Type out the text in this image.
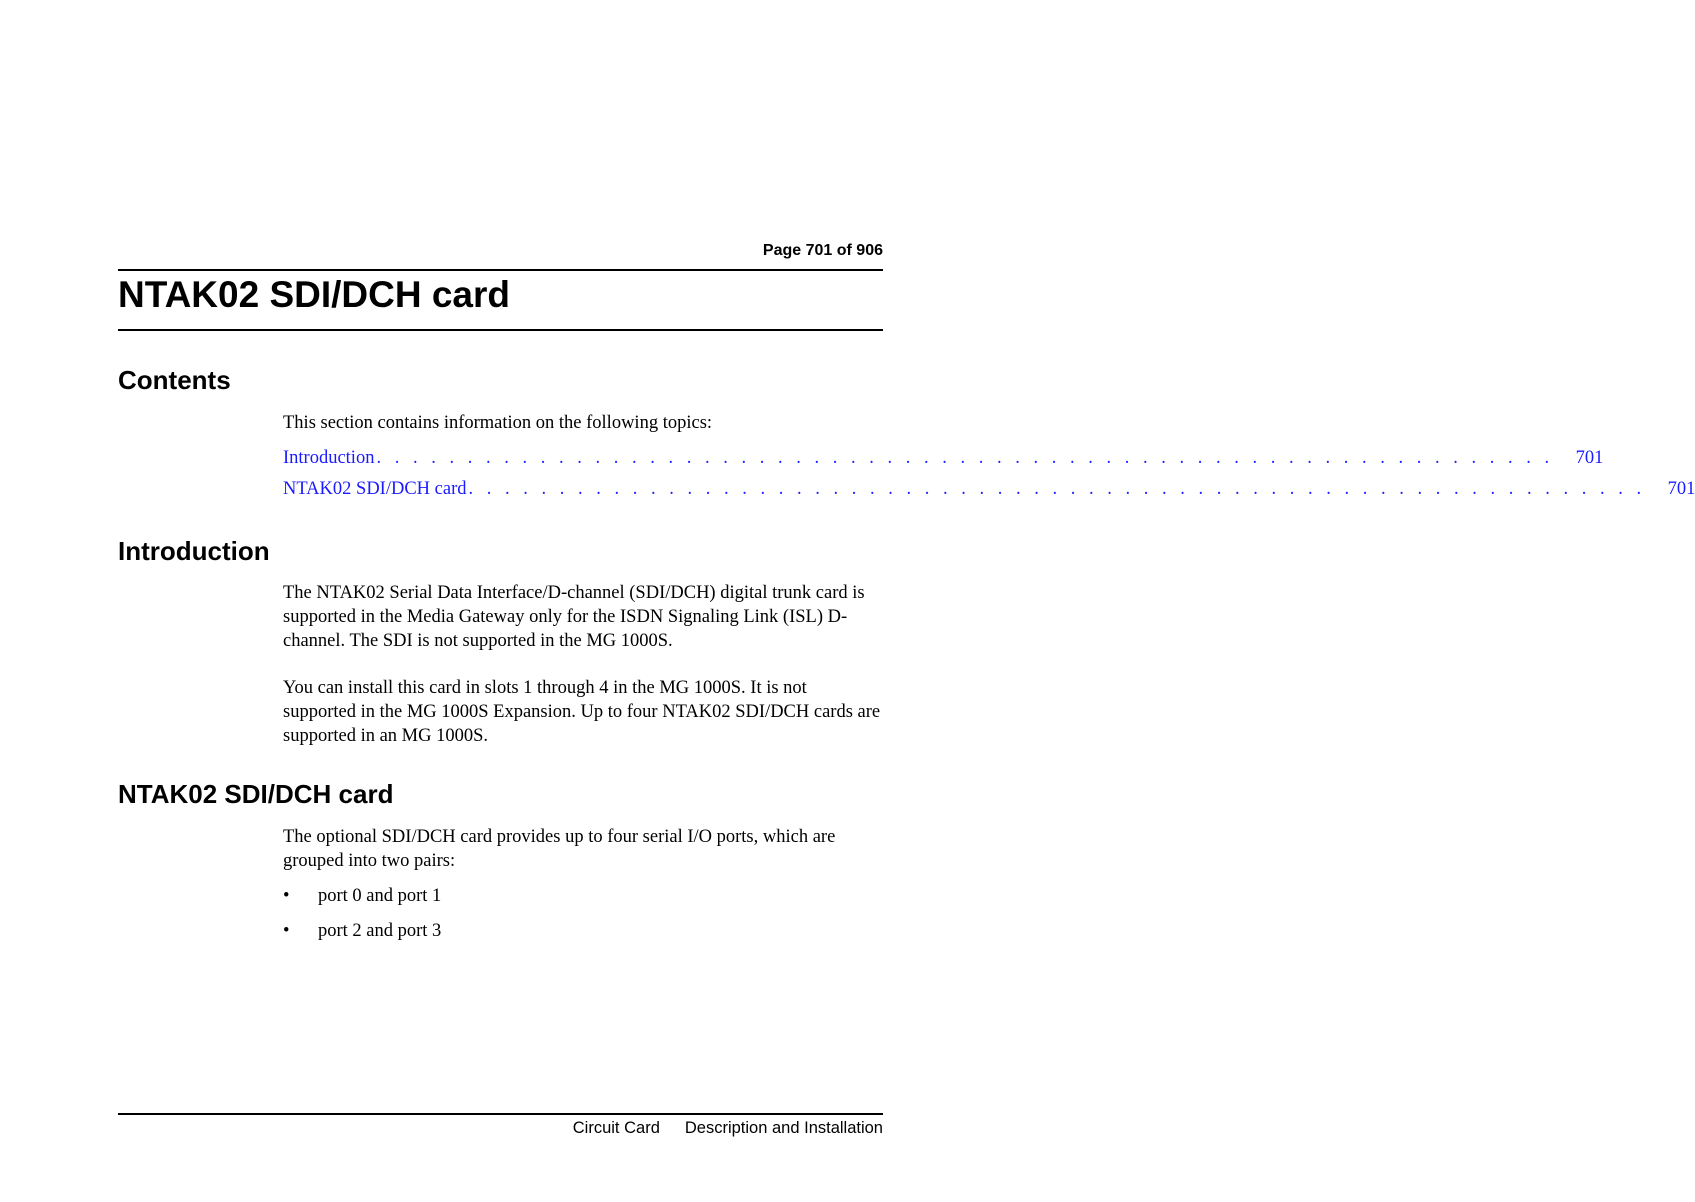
Page 701 of 906
NTAK02 SDI/DCH card
Contents
This section contains information on the following topics:
Introduction . . . . . . . . . . . . . . . . . . . . . . . . . . . . . . . . . . . . . . . . . . . . . . . . . . . . . . . . . . . . . . . . . 701
NTAK02 SDI/DCH card . . . . . . . . . . . . . . . . . . . . . . . . . . . . . . . . . . . . . . . . . . . . . . . . . . . . . . . . . . . . . . . . . 701
Introduction

The NTAK02 Serial Data Interface/D-channel (SDI/DCH) digital trunk card is supported in the Media Gateway only for the ISDN Signaling Link (ISL) D-channel. The SDI is not supported in the MG 1000S.

You can install this card in slots 1 through 4 in the MG 1000S. It is not supported in the MG 1000S Expansion. Up to four NTAK02 SDI/DCH cards are supported in an MG 1000S.

NTAK02 SDI/DCH card

The optional SDI/DCH card provides up to four serial I/O ports, which are grouped into two pairs:

•	port 0 and port 1
•	port 2 and port 3
Circuit Card Description and Installation
